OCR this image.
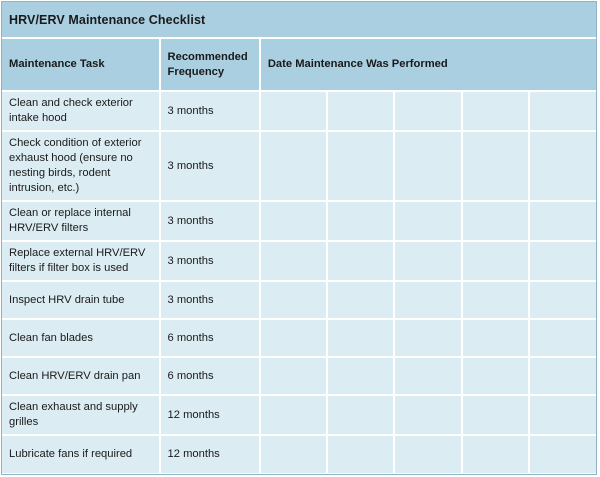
HRV/ERV Maintenance Checklist
Maintenance Task	Recommended Frequency	Date Maintenance Was Performed				
Clean and check exterior intake hood	3 months					
Check condition of exterior exhaust hood (ensure no nesting birds, rodent intrusion, etc.)	3 months					
Clean or replace internal HRV/ERV filters	3 months					
Replace external HRV/ERV filters if filter box is used	3 months					
Inspect HRV drain tube	3 months					
Clean fan blades	6 months					
Clean HRV/ERV drain pan	6 months					
Clean exhaust and supply grilles	12 months					
Lubricate fans if required	12 months					
